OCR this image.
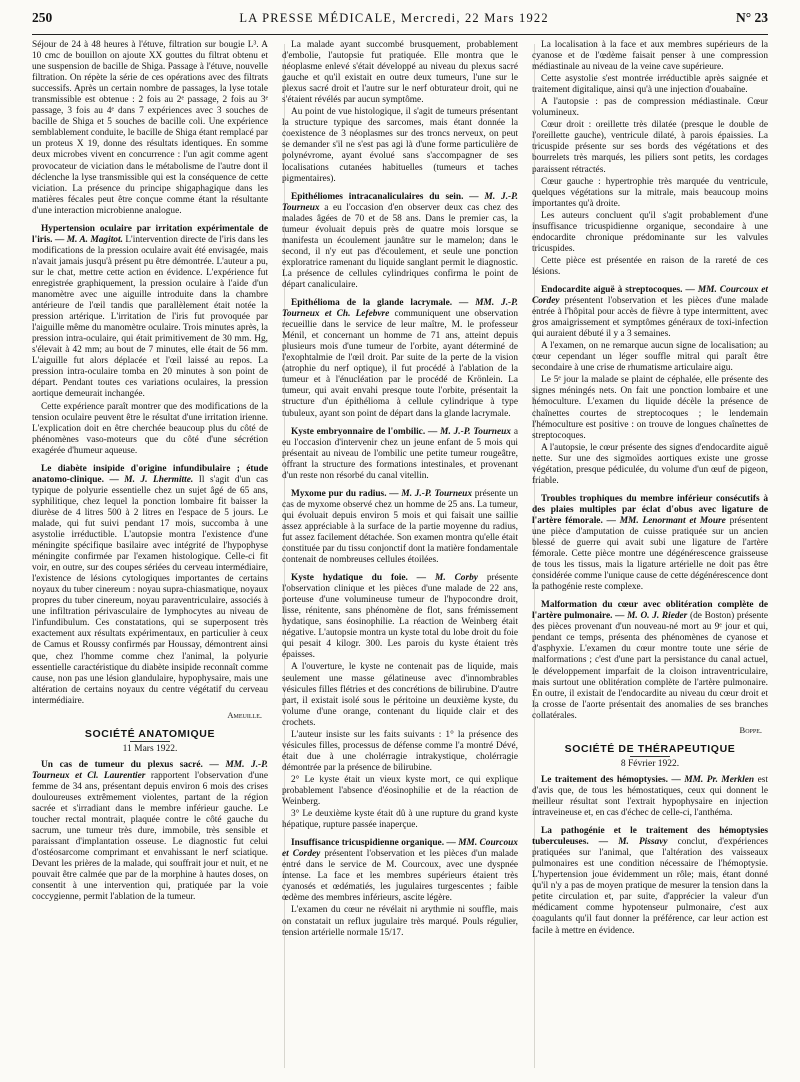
250	LA PRESSE MÉDICALE, Mercredi, 22 Mars 1922	N° 23

Séjour de 24 à 48 heures à l'étuve, filtration sur bougie L³. A 10 cmc de bouillon on ajoute XX gouttes du filtrat obtenu et une suspension de bacille de Shiga. Passage à l'étuve, nouvelle filtration. On répète la série de ces opérations avec des filtrats successifs. Après un certain nombre de passages, la lyse totale transmissible est obtenue : 2 fois au 2ᵉ passage, 2 fois au 3ᵉ passage, 3 fois au 4ᵉ dans 7 expériences avec 3 souches de bacille de Shiga et 5 souches de bacille coli. Une expérience semblablement conduite, le bacille de Shiga étant remplacé par un proteus X 19, donne des résultats identiques. En somme deux microbes vivent en concurrence : l'un agit comme agent provocateur de viciation dans le métabolisme de l'autre dont il déclenche la lyse transmissible qui est la conséquence de cette viciation. La présence du principe shigaphagique dans les matières fécales peut être conçue comme étant la résultante d'une interaction microbienne analogue.

Hypertension oculaire par irritation expérimentale de l'iris. — M. A. Magitot. L'intervention directe de l'iris dans les modifications de la pression oculaire avait été envisagée, mais n'avait jamais jusqu'à présent pu être démontrée. L'auteur a pu, sur le chat, mettre cette action en évidence. L'expérience fut enregistrée graphiquement, la pression oculaire à l'aide d'un manomètre avec une aiguille introduite dans la chambre antérieure de l'œil tandis que parallèlement était notée la pression artérique. L'irritation de l'iris fut provoquée par l'aiguille même du manomètre oculaire. Trois minutes après, la pression intra-oculaire, qui était primitivement de 30 mm. Hg, s'élevait à 42 mm; au bout de 7 minutes, elle était de 56 mm. L'aiguille fut alors déplacée et l'œil laissé au repos. La pression intra-oculaire tomba en 20 minutes à son point de départ. Pendant toutes ces variations oculaires, la pression aortique demeurait inchangée.

Cette expérience paraît montrer que des modifications de la tension oculaire peuvent être le résultat d'une irritation irienne. L'explication doit en être cherchée beaucoup plus du côté de phénomènes vaso-moteurs que du côté d'une sécrétion exagérée d'humeur aqueuse.

Le diabète insipide d'origine infundibulaire ; étude anatomo-clinique. — M. J. Lhermitte. Il s'agit d'un cas typique de polyurie essentielle chez un sujet âgé de 65 ans, syphilitique, chez lequel la ponction lombaire fit baisser la diurèse de 4 litres 500 à 2 litres en l'espace de 5 jours. Le malade, qui fut suivi pendant 17 mois, succomba à une asystolie irréductible. L'autopsie montra l'existence d'une méningite spécifique basilaire avec intégrité de l'hypophyse méningite confirmée par l'examen histologique. Celle-ci fit voir, en outre, sur des coupes sériées du cerveau intermédiaire, l'existence de lésions cytologiques importantes de certains noyaux du tuber cinereum : noyau supra-chiasmatique, noyaux propres du tuber cinereum, noyau paraventriculaire, associés à une infiltration périvasculaire de lymphocytes au niveau de l'infundibulum. Ces constatations, qui se superposent très exactement aux résultats expérimentaux, en particulier à ceux de Camus et Roussy confirmés par Houssay, démontrent ainsi que, chez l'homme comme chez l'animal, la polyurie essentielle caractéristique du diabète insipide reconnaît comme cause, non pas une lésion glandulaire, hypophysaire, mais une altération de certains noyaux du centre végétatif du cerveau intermédiaire.

Ameuille.

SOCIÉTÉ ANATOMIQUE
11 Mars 1922.

Un cas de tumeur du plexus sacré. — MM. J.-P. Tourneux et Cl. Laurentier rapportent l'observation d'une femme de 34 ans, présentant depuis environ 6 mois des crises douloureuses extrêmement violentes, partant de la région sacrée et s'irradiant dans le membre inférieur gauche. Le toucher rectal montrait, plaquée contre le côté gauche du sacrum, une tumeur très dure, immobile, très sensible et paraissant d'implantation osseuse. Le diagnostic fut celui d'ostéosarcome comprimant et envahissant le nerf sciatique. Devant les prières de la malade, qui souffrait jour et nuit, et ne pouvait être calmée que par de la morphine à hautes doses, on consentit à une intervention qui, pratiquée par la voie coccygienne, permit l'ablation de la tumeur.

La malade ayant succombé brusquement, probablement d'embolie, l'autopsie fut pratiquée. Elle montra que le néoplasme enlevé s'était développé au niveau du plexus sacré gauche et qu'il existait en outre deux tumeurs, l'une sur le plexus sacré droit et l'autre sur le nerf obturateur droit, qui ne s'étaient révélés par aucun symptôme.

Au point de vue histologique, il s'agit de tumeurs présentant la structure typique des sarcomes, mais étant donnée la coexistence de 3 néoplasmes sur des troncs nerveux, on peut se demander s'il ne s'est pas agi là d'une forme particulière de polynévrome, ayant évolué sans s'accompagner de ses localisations cutanées habituelles (tumeurs et taches pigmentaires).

Epithéliomes intracanaliculaires du sein. — M. J.-P. Tourneux a eu l'occasion d'en observer deux cas chez des malades âgées de 70 et de 58 ans. Dans le premier cas, la tumeur évoluait depuis près de quatre mois lorsque se manifesta un écoulement jaunâtre sur le mamelon; dans le second, il n'y eut pas d'écoulement, et seule une ponction exploratrice ramenant du liquide sanglant permit le diagnostic. La présence de cellules cylindriques confirma le point de départ canaliculaire.

Epithélioma de la glande lacrymale. — MM. J.-P. Tourneux et Ch. Lefebvre communiquent une observation recueillie dans le service de leur maître, M. le professeur Ménil, et concernant un homme de 71 ans, atteint depuis plusieurs mois d'une tumeur de l'orbite, ayant déterminé de l'exophtalmie de l'œil droit. Par suite de la perte de la vision (atrophie du nerf optique), il fut procédé à l'ablation de la tumeur et à l'énucléation par le procédé de Krönlein. La tumeur, qui avait envahi presque toute l'orbite, présentait la structure d'un épithélioma à cellule cylindrique à type tubuleux, ayant son point de départ dans la glande lacrymale.

Kyste embryonnaire de l'ombilic. — M. J.-P. Tourneux a eu l'occasion d'intervenir chez un jeune enfant de 5 mois qui présentait au niveau de l'ombilic une petite tumeur rougeâtre, offrant la structure des formations intestinales, et provenant d'un reste non résorbé du canal vitellin.

Myxome pur du radius. — M. J.-P. Tourneux présente un cas de myxome observé chez un homme de 25 ans. La tumeur, qui évoluait depuis environ 5 mois et qui faisait une saillie assez appréciable à la surface de la partie moyenne du radius, fut assez facilement détachée. Son examen montra qu'elle était constituée par du tissu conjonctif dont la matière fondamentale contenait de nombreuses cellules étoilées.

Kyste hydatique du foie. — M. Corby présente l'observation clinique et les pièces d'une malade de 22 ans, porteuse d'une volumineuse tumeur de l'hypocondre droit, lisse, rénitente, sans phénomène de flot, sans frémissement hydatique, sans éosinophilie. La réaction de Weinberg était négative. L'autopsie montra un kyste total du lobe droit du foie qui pesait 4 kilogr. 300. Les parois du kyste étaient très épaisses.

A l'ouverture, le kyste ne contenait pas de liquide, mais seulement une masse gélatineuse avec d'innombrables vésicules filles flétries et des concrétions de bilirubine. D'autre part, il existait isolé sous le péritoine un deuxième kyste, du volume d'une orange, contenant du liquide clair et des crochets.

L'auteur insiste sur les faits suivants : 1° la présence des vésicules filles, processus de défense comme l'a montré Dévé, était due à une cholérragie intrakystique, cholérragie démontrée par la présence de bilirubine.

2° Le kyste était un vieux kyste mort, ce qui explique probablement l'absence d'éosinophilie et de la réaction de Weinberg.

3° Le deuxième kyste était dû à une rupture du grand kyste hépatique, rupture passée inaperçue.

Insuffisance tricuspidienne organique. — MM. Courcoux et Cordey présentent l'observation et les pièces d'un malade entré dans le service de M. Courcoux, avec une dyspnée intense. La face et les membres supérieurs étaient très cyanosés et œdématiés, les jugulaires turgescentes ; faible œdème des membres inférieurs, ascite légère.

L'examen du cœur ne révélait ni arythmie ni souffle, mais on constatait un reflux jugulaire très marqué. Pouls régulier, tension artérielle normale 15/17.

La localisation à la face et aux membres supérieurs de la cyanose et de l'œdème faisait penser à une compression médiastinale au niveau de la veine cave supérieure.

Cette asystolie s'est montrée irréductible après saignée et traitement digitalique, ainsi qu'à une injection d'ouabaïne.

A l'autopsie : pas de compression médiastinale. Cœur volumineux.

Cœur droit : oreillette très dilatée (presque le double de l'oreillette gauche), ventricule dilaté, à parois épaissies. La tricuspide présente sur ses bords des végétations et des bourrelets très marqués, les piliers sont petits, les cordages paraissent rétractés.

Cœur gauche : hypertrophie très marquée du ventricule, quelques végétations sur la mitrale, mais beaucoup moins importantes qu'à droite.

Les auteurs concluent qu'il s'agit probablement d'une insuffisance tricuspidienne organique, secondaire à une endocardite chronique prédominante sur les valvules tricuspides.

Cette pièce est présentée en raison de la rareté de ces lésions.

Endocardite aiguë à streptocoques. — MM. Courcoux et Cordey présentent l'observation et les pièces d'une malade entrée à l'hôpital pour accès de fièvre à type intermittent, avec gros amaigrissement et symptômes généraux de toxi-infection qui auraient débuté il y a 3 semaines.

A l'examen, on ne remarque aucun signe de localisation; au cœur cependant un léger souffle mitral qui paraît être secondaire à une crise de rhumatisme articulaire aigu.

Le 5ᵉ jour la malade se plaint de céphalée, elle présente des signes méningés nets. On fait une ponction lombaire et une hémoculture. L'examen du liquide décèle la présence de chaînettes courtes de streptocoques ; le lendemain l'hémoculture est positive : on trouve de longues chaînettes de streptocoques.

A l'autopsie, le cœur présente des signes d'endocardite aiguë nette. Sur une des sigmoïdes aortiques existe une grosse végétation, presque pédiculée, du volume d'un œuf de pigeon, friable.

Troubles trophiques du membre inférieur consécutifs à des plaies multiples par éclat d'obus avec ligature de l'artère fémorale. — MM. Lenormant et Moure présentent une pièce d'amputation de cuisse pratiquée sur un ancien blessé de guerre qui avait subi une ligature de l'artère fémorale. Cette pièce montre une dégénérescence graisseuse de tous les tissus, mais la ligature artérielle ne doit pas être considérée comme l'unique cause de cette dégénérescence dont la pathogénie reste complexe.

Malformation du cœur avec oblitération complète de l'artère pulmonaire. — M. O. J. Rieder (de Boston) présente des pièces provenant d'un nouveau-né mort au 9ᵉ jour et qui, pendant ce temps, présenta des phénomènes de cyanose et d'asphyxie. L'examen du cœur montre toute une série de malformations ; c'est d'une part la persistance du canal actuel, le développement imparfait de la cloison intraventriculaire, mais surtout une oblitération complète de l'artère pulmonaire. En outre, il existait de l'endocardite au niveau du cœur droit et la crosse de l'aorte présentait des anomalies de ses branches collatérales.

Boppe.

SOCIÉTÉ DE THÉRAPEUTIQUE
8 Février 1922.

Le traitement des hémoptysies. — MM. Pr. Merklen est d'avis que, de tous les hémostatiques, ceux qui donnent le meilleur résultat sont l'extrait hypophysaire en injection intraveineuse et, en cas d'échec de celle-ci, l'anthéma.

La pathogénie et le traitement des hémoptysies tuberculeuses. — M. Pissavy conclut, d'expériences pratiquées sur l'animal, que l'altération des vaisseaux pulmonaires est une condition nécessaire de l'hémoptysie. L'hypertension joue évidemment un rôle; mais, étant donné qu'il n'y a pas de moyen pratique de mesurer la tension dans la petite circulation et, par suite, d'apprécier la valeur d'un médicament comme hypotenseur pulmonaire, c'est aux coagulants qu'il faut donner la préférence, car leur action est facile à mettre en évidence.
